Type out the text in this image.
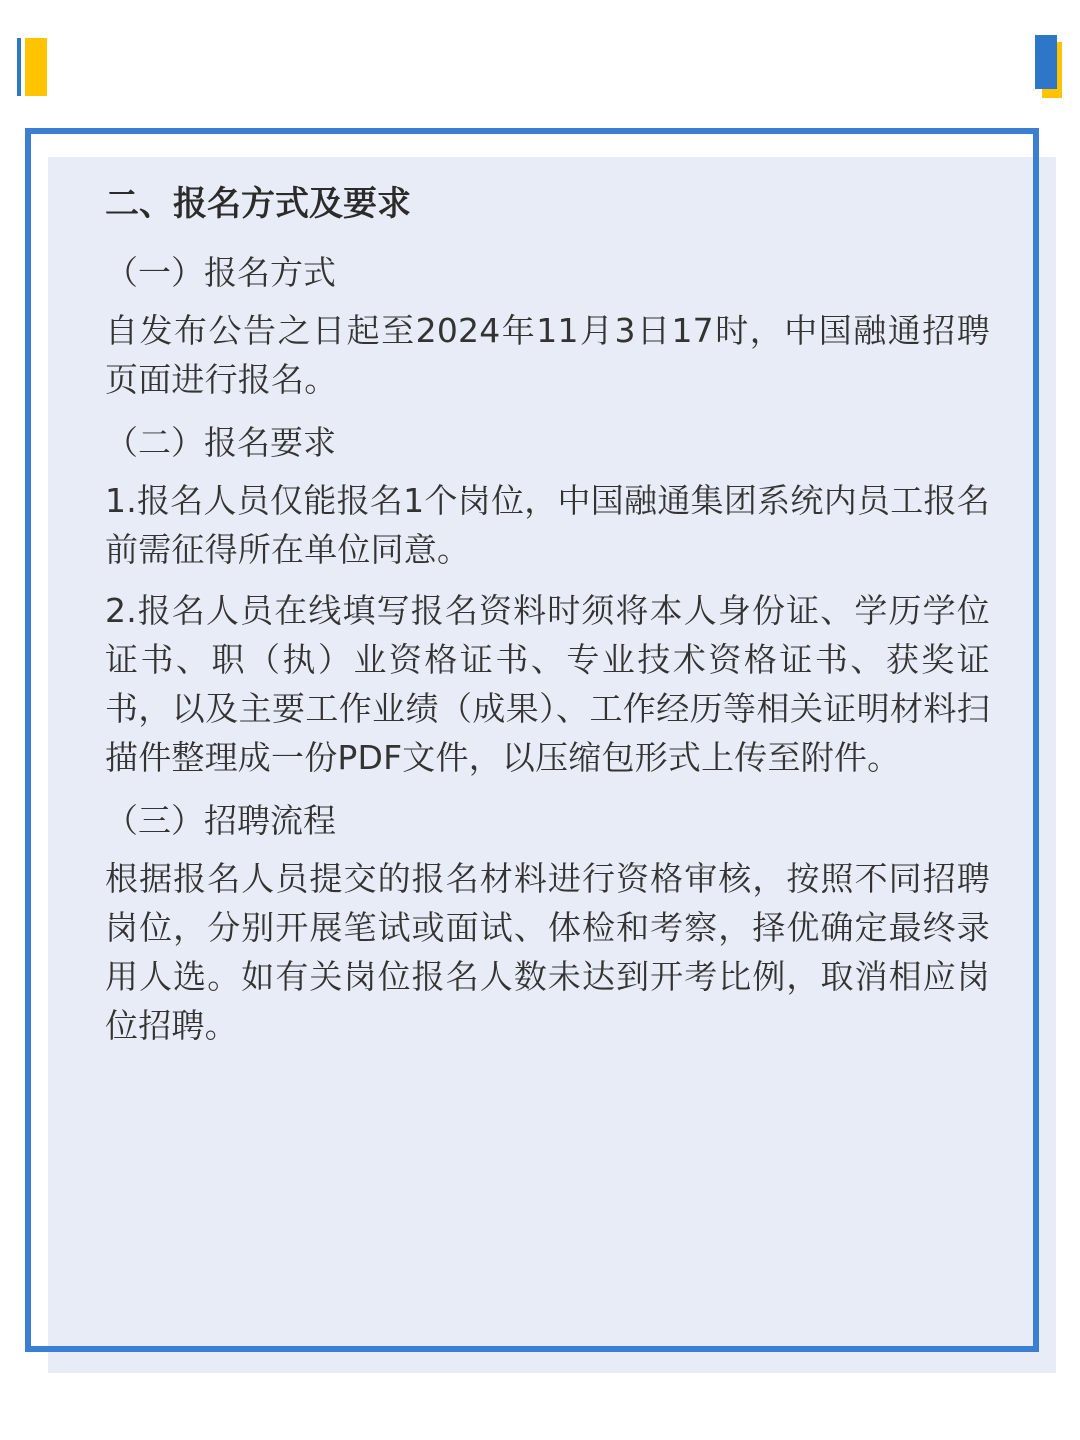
二、报名方式及要求
（一）报名方式

自发布公告之日起至2024年11月3日17时，中国融通招聘页面进行报名。

（二）报名要求

1.报名人员仅能报名1个岗位，中国融通集团系统内员工报名前需征得所在单位同意。

2.报名人员在线填写报名资料时须将本人身份证、学历学位证书、职（执）业资格证书、专业技术资格证书、获奖证书，以及主要工作业绩（成果）、工作经历等相关证明材料扫描件整理成一份PDF文件，以压缩包形式上传至附件。

（三）招聘流程

根据报名人员提交的报名材料进行资格审核，按照不同招聘岗位，分别开展笔试或面试、体检和考察，择优确定最终录用人选。如有关岗位报名人数未达到开考比例，取消相应岗位招聘。
